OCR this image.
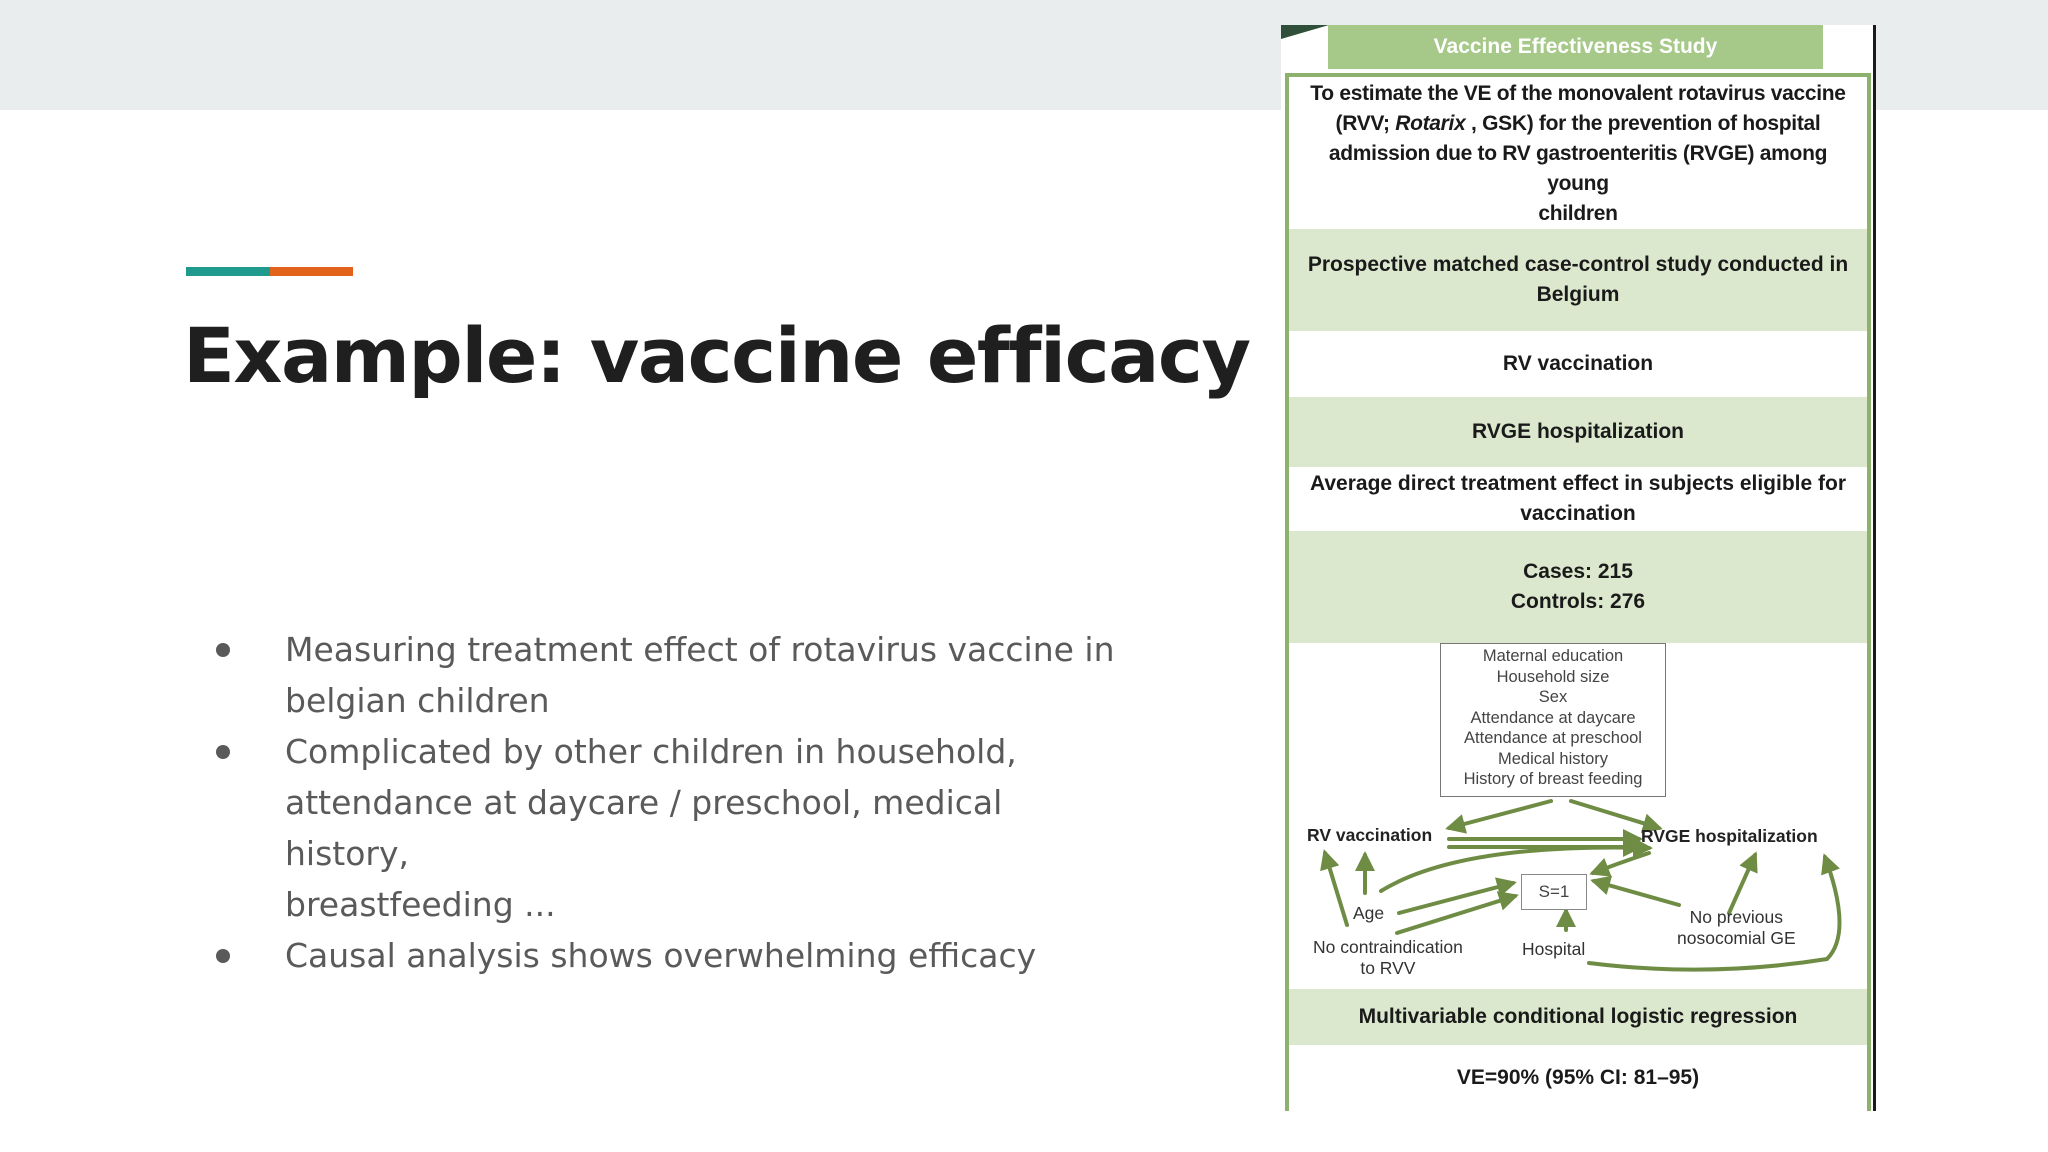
Example: vaccine efficacy
Measuring treatment effect of rotavirus vaccine in
belgian children
Complicated by other children in household,
attendance at daycare / preschool, medical history,
breastfeeding ...
Causal analysis shows overwhelming efficacy
Vaccine Effectiveness Study
To estimate the VE of the monovalent rotavirus vaccine
(RVV; Rotarix , GSK) for the prevention of hospital
admission due to RV gastroenteritis (RVGE) among young
children
Prospective matched case-control study conducted in
Belgium
RV vaccination
RVGE hospitalization
Average direct treatment effect in subjects eligible for
vaccination
Cases: 215
Controls: 276
Maternal education
Household size
Sex
Attendance at daycare
Attendance at preschool
Medical history
History of breast feeding
RV vaccination	RVGE hospitalization
S=1
Age
No contraindication
to RVV
Hospital
No previous
nosocomial GE
Multivariable conditional logistic regression
VE=90% (95% CI: 81–95)
